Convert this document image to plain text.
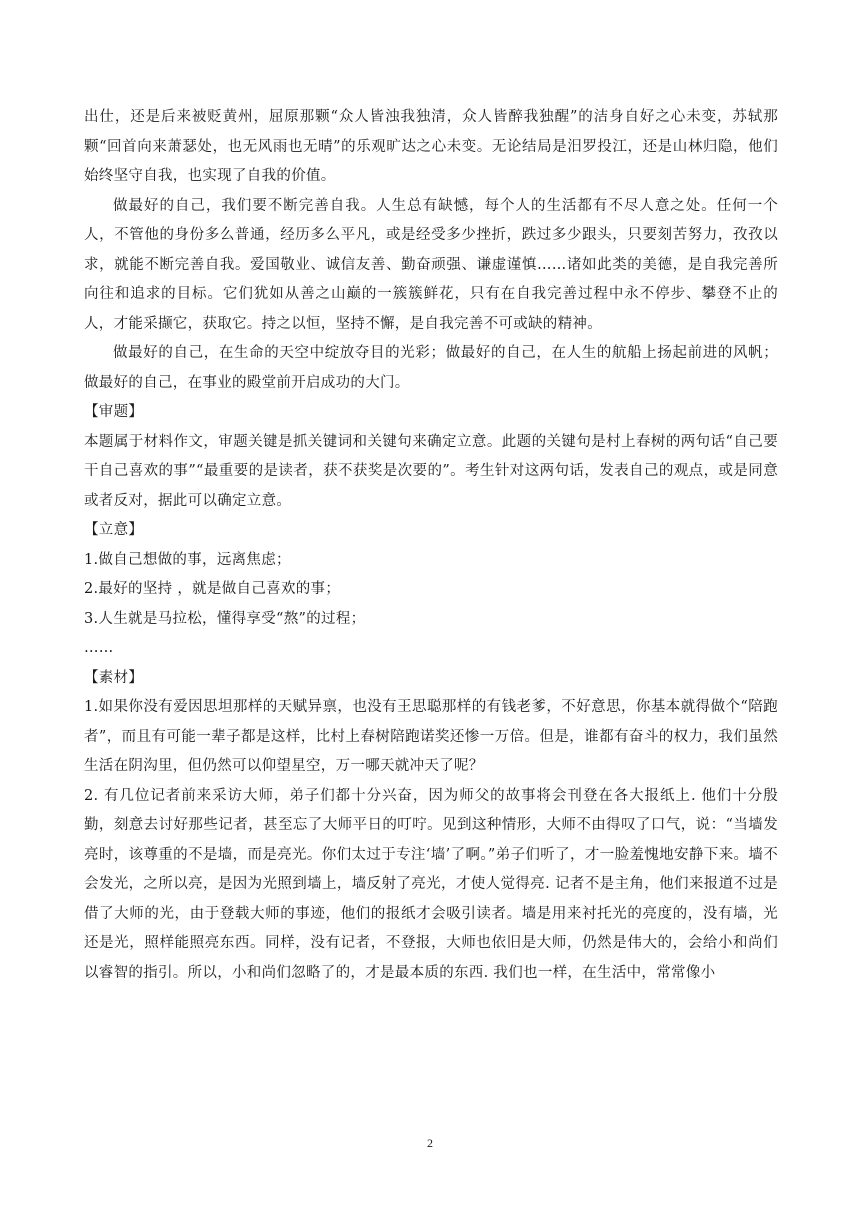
出仕，还是后来被贬黄州，屈原那颗“众人皆浊我独清，众人皆醉我独醒”的洁身自好之心未变，苏轼那颗“回首向来萧瑟处，也无风雨也无晴”的乐观旷达之心未变。无论结局是汨罗投江，还是山林归隐，他们始终坚守自我，也实现了自我的价值。

做最好的自己，我们要不断完善自我。人生总有缺憾，每个人的生活都有不尽人意之处。任何一个人，不管他的身份多么普通，经历多么平凡，或是经受多少挫折，跌过多少跟头，只要刻苦努力，孜孜以求，就能不断完善自我。爱国敬业、诚信友善、勤奋顽强、谦虚谨慎……诸如此类的美德，是自我完善所向往和追求的目标。它们犹如从善之山巅的一簇簇鲜花，只有在自我完善过程中永不停步、攀登不止的人，才能采撷它，获取它。持之以恒，坚持不懈，是自我完善不可或缺的精神。

做最好的自己，在生命的天空中绽放夺目的光彩；做最好的自己，在人生的航船上扬起前进的风帆；做最好的自己，在事业的殿堂前开启成功的大门。

【审题】

本题属于材料作文，审题关键是抓关键词和关键句来确定立意。此题的关键句是村上春树的两句话“自己要干自己喜欢的事”“最重要的是读者，获不获奖是次要的”。考生针对这两句话，发表自己的观点，或是同意或者反对，据此可以确定立意。

【立意】

1.做自己想做的事，远离焦虑；

2.最好的坚持 ，就是做自己喜欢的事；

3.人生就是马拉松，懂得享受“熬”的过程；

……

【素材】

1.如果你没有爱因思坦那样的天赋异禀，也没有王思聪那样的有钱老爹，不好意思，你基本就得做个“陪跑者”，而且有可能一辈子都是这样，比村上春树陪跑诺奖还惨一万倍。但是，谁都有奋斗的权力，我们虽然生活在阴沟里，但仍然可以仰望星空，万一哪天就冲天了呢？

2. 有几位记者前来采访大师，弟子们都十分兴奋，因为师父的故事将会刊登在各大报纸上. 他们十分殷勤，刻意去讨好那些记者，甚至忘了大师平日的叮咛。见到这种情形，大师不由得叹了口气，说：“当墙发亮时，该尊重的不是墙，而是亮光。你们太过于专注‘墙’了啊。”弟子们听了，才一脸羞愧地安静下来。墙不会发光，之所以亮，是因为光照到墙上，墙反射了亮光，才使人觉得亮. 记者不是主角，他们来报道不过是借了大师的光，由于登载大师的事迹，他们的报纸才会吸引读者。墙是用来衬托光的亮度的，没有墙，光还是光，照样能照亮东西。同样，没有记者，不登报，大师也依旧是大师，仍然是伟大的，会给小和尚们以睿智的指引。所以，小和尚们忽略了的，才是最本质的东西. 我们也一样，在生活中，常常像小

2
